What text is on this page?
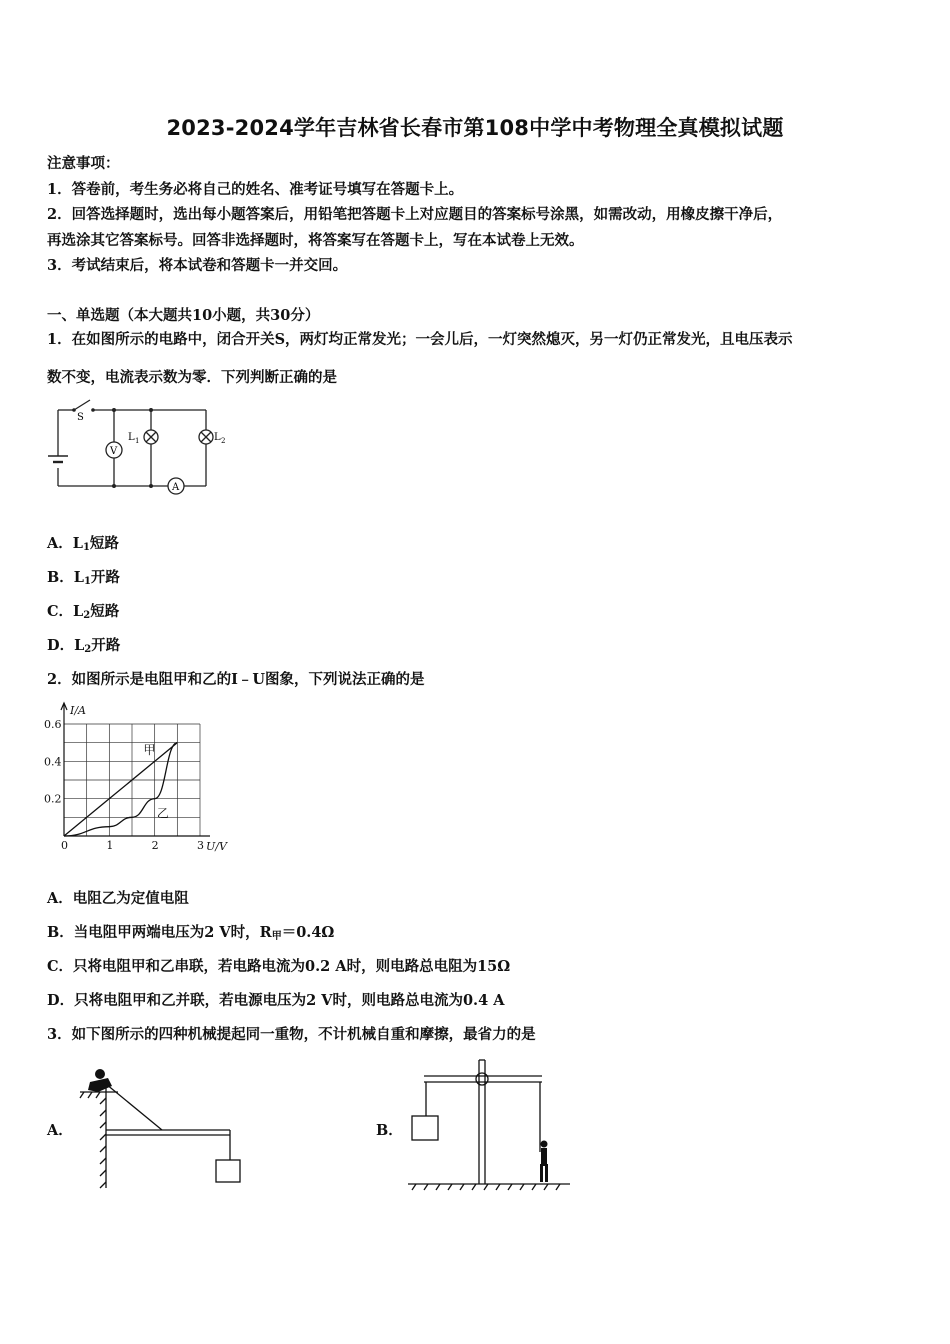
2023-2024学年吉林省长春市第108中学中考物理全真模拟试题
注意事项：
1．答卷前，考生务必将自己的姓名、准考证号填写在答题卡上。
2．回答选择题时，选出每小题答案后，用铅笔把答题卡上对应题目的答案标号涂黑，如需改动，用橡皮擦干净后，
再选涂其它答案标号。回答非选择题时，将答案写在答题卡上，写在本试卷上无效。
3．考试结束后，将本试卷和答题卡一并交回。
一、单选题（本大题共10小题，共30分）
1．在如图所示的电路中，闭合开关S，两灯均正常发光；一会儿后，一灯突然熄灭，另一灯仍正常发光，且电压表示
数不变，电流表示数为零．下列判断正确的是
S
V
L 1	L 2
A
A．$L_1$短路
B．$L_1$开路
C．$L_2$短路
D．$L_2$开路
2．如图所示是电阻甲和乙的I﹣U图象，下列说法正确的是
0	1	2	3
0.2
0.4
0.6
I/A
U/V
甲
乙
A．电阻乙为定值电阻
B．当电阻甲两端电压为2 V时，$R_甲=0.4\Omega$
C．只将电阻甲和乙串联，若电路电流为0.2 A时，则电路总电阻为15Ω
D．只将电阻甲和乙并联，若电源电压为2 V时，则电路总电流为0.4 A
3．如下图所示的四种机械提起同一重物，不计机械自重和摩擦，最省力的是
A．	B．
